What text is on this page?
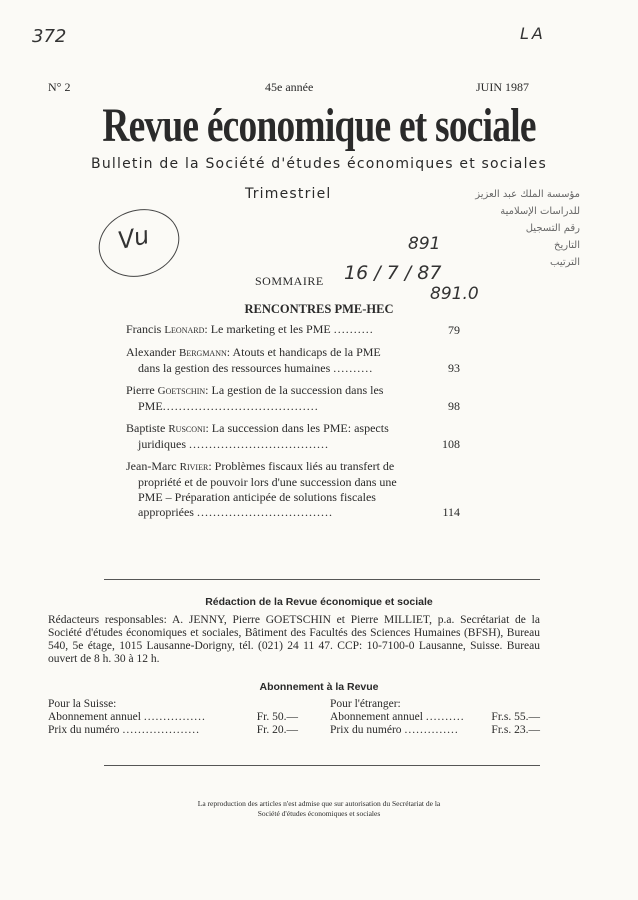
372	LA
Vu
N° 2	45e année	JUIN 1987
Revue économique et sociale
Bulletin de la Société d'études économiques et sociales
Trimestriel	مؤسسة الملك عبد العزيز
للدراسات الإسلامية
رقم التسجيل
التاريخ
الترتيب
891
16 / 7 / 87
891.0
SOMMAIRE
RENCONTRES PME-HEC
Francis Leonard: Le marketing et les PME ..........	79
Alexander Bergmann: Atouts et handicaps de la PME
dans la gestion des ressources humaines ..........	93
Pierre Goetschin: La gestion de la succession dans les
PME.......................................	98
Baptiste Rusconi: La succession dans les PME: aspects
juridiques ...................................	108
Jean-Marc Rivier: Problèmes fiscaux liés au transfert de
propriété et de pouvoir lors d'une succession dans une
PME – Préparation anticipée de solutions fiscales
appropriées ..................................	114
Rédaction de la Revue économique et sociale
Rédacteurs responsables: A. JENNY, Pierre GOETSCHIN et Pierre MILLIET, p.a. Secrétariat de la Société d'études économiques et sociales, Bâtiment des Facultés des Sciences Humaines (BFSH), Bureau 540, 5e étage, 1015 Lausanne-Dorigny, tél. (021) 24 11 47. CCP: 10-7100-0 Lausanne, Suisse. Bureau ouvert de 8 h. 30 à 12 h.
Abonnement à la Revue
Pour la Suisse:
Abonnement annuel ................	Fr. 50.—
Prix du numéro ....................	Fr. 20.—
Pour l'étranger:
Abonnement annuel .......... Fr.s. 55.—
Prix du numéro ..............	Fr.s. 23.—
La reproduction des articles n'est admise que sur autorisation du Secrétariat de la
Société d'études économiques et sociales
